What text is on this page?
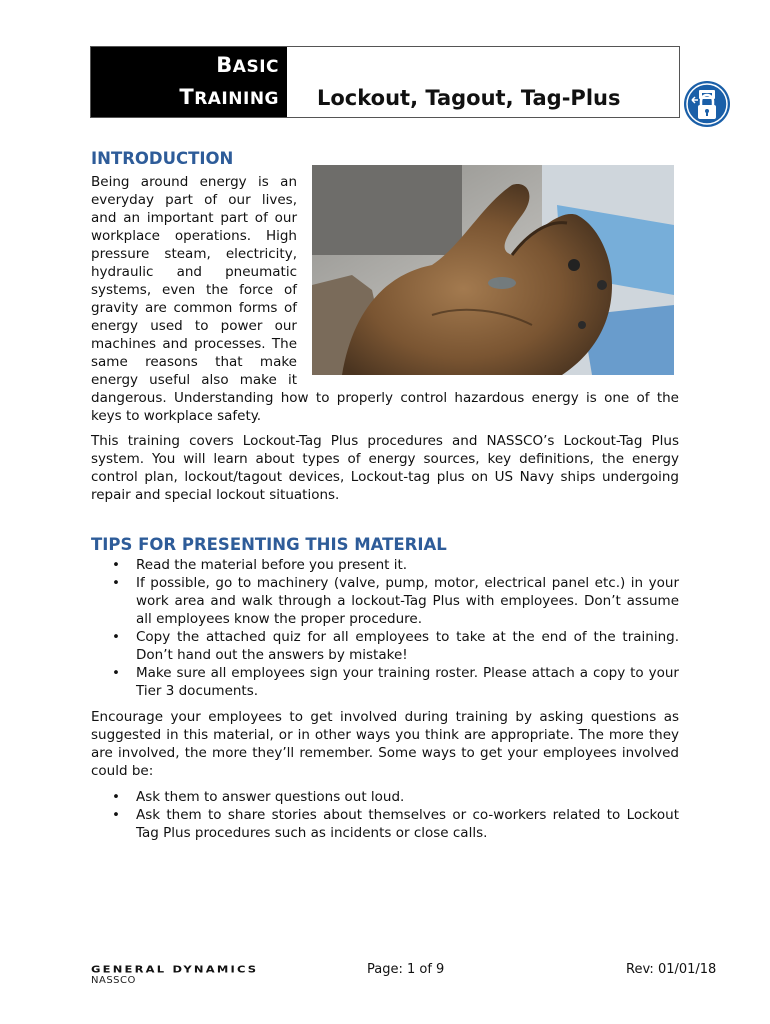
BASIC
TRAINING	Lockout, Tagout, Tag-Plus
INTRODUCTION

Being around energy is an everyday part of our lives, and an important part of our workplace operations. High pressure steam, electricity, hydraulic and pneumatic systems, even the force of gravity are common forms of energy used to power our machines and processes. The same reasons that make energy useful also make it dangerous. Understanding how to properly control hazardous energy is one of the keys to workplace safety.

This training covers Lockout-Tag Plus procedures and NASSCO’s Lockout-Tag Plus system. You will learn about types of energy sources, key definitions, the energy control plan, lockout/tagout devices, Lockout-tag plus on US Navy ships undergoing repair and special lockout situations.

TIPS FOR PRESENTING THIS MATERIAL
• Read the material before you present it.
• If possible, go to machinery (valve, pump, motor, electrical panel etc.) in your work area and walk through a lockout-Tag Plus with employees. Don’t assume all employees know the proper procedure.
• Copy the attached quiz for all employees to take at the end of the training. Don’t hand out the answers by mistake!
• Make sure all employees sign your training roster. Please attach a copy to your Tier 3 documents.

Encourage your employees to get involved during training by asking questions as suggested in this material, or in other ways you think are appropriate. The more they are involved, the more they’ll remember. Some ways to get your employees involved could be:

• Ask them to answer questions out loud.
• Ask them to share stories about themselves or co-workers related to Lockout Tag Plus procedures such as incidents or close calls.
GENERAL DYNAMICS
NASSCO
Page: 1 of 9	Rev: 01/01/18
